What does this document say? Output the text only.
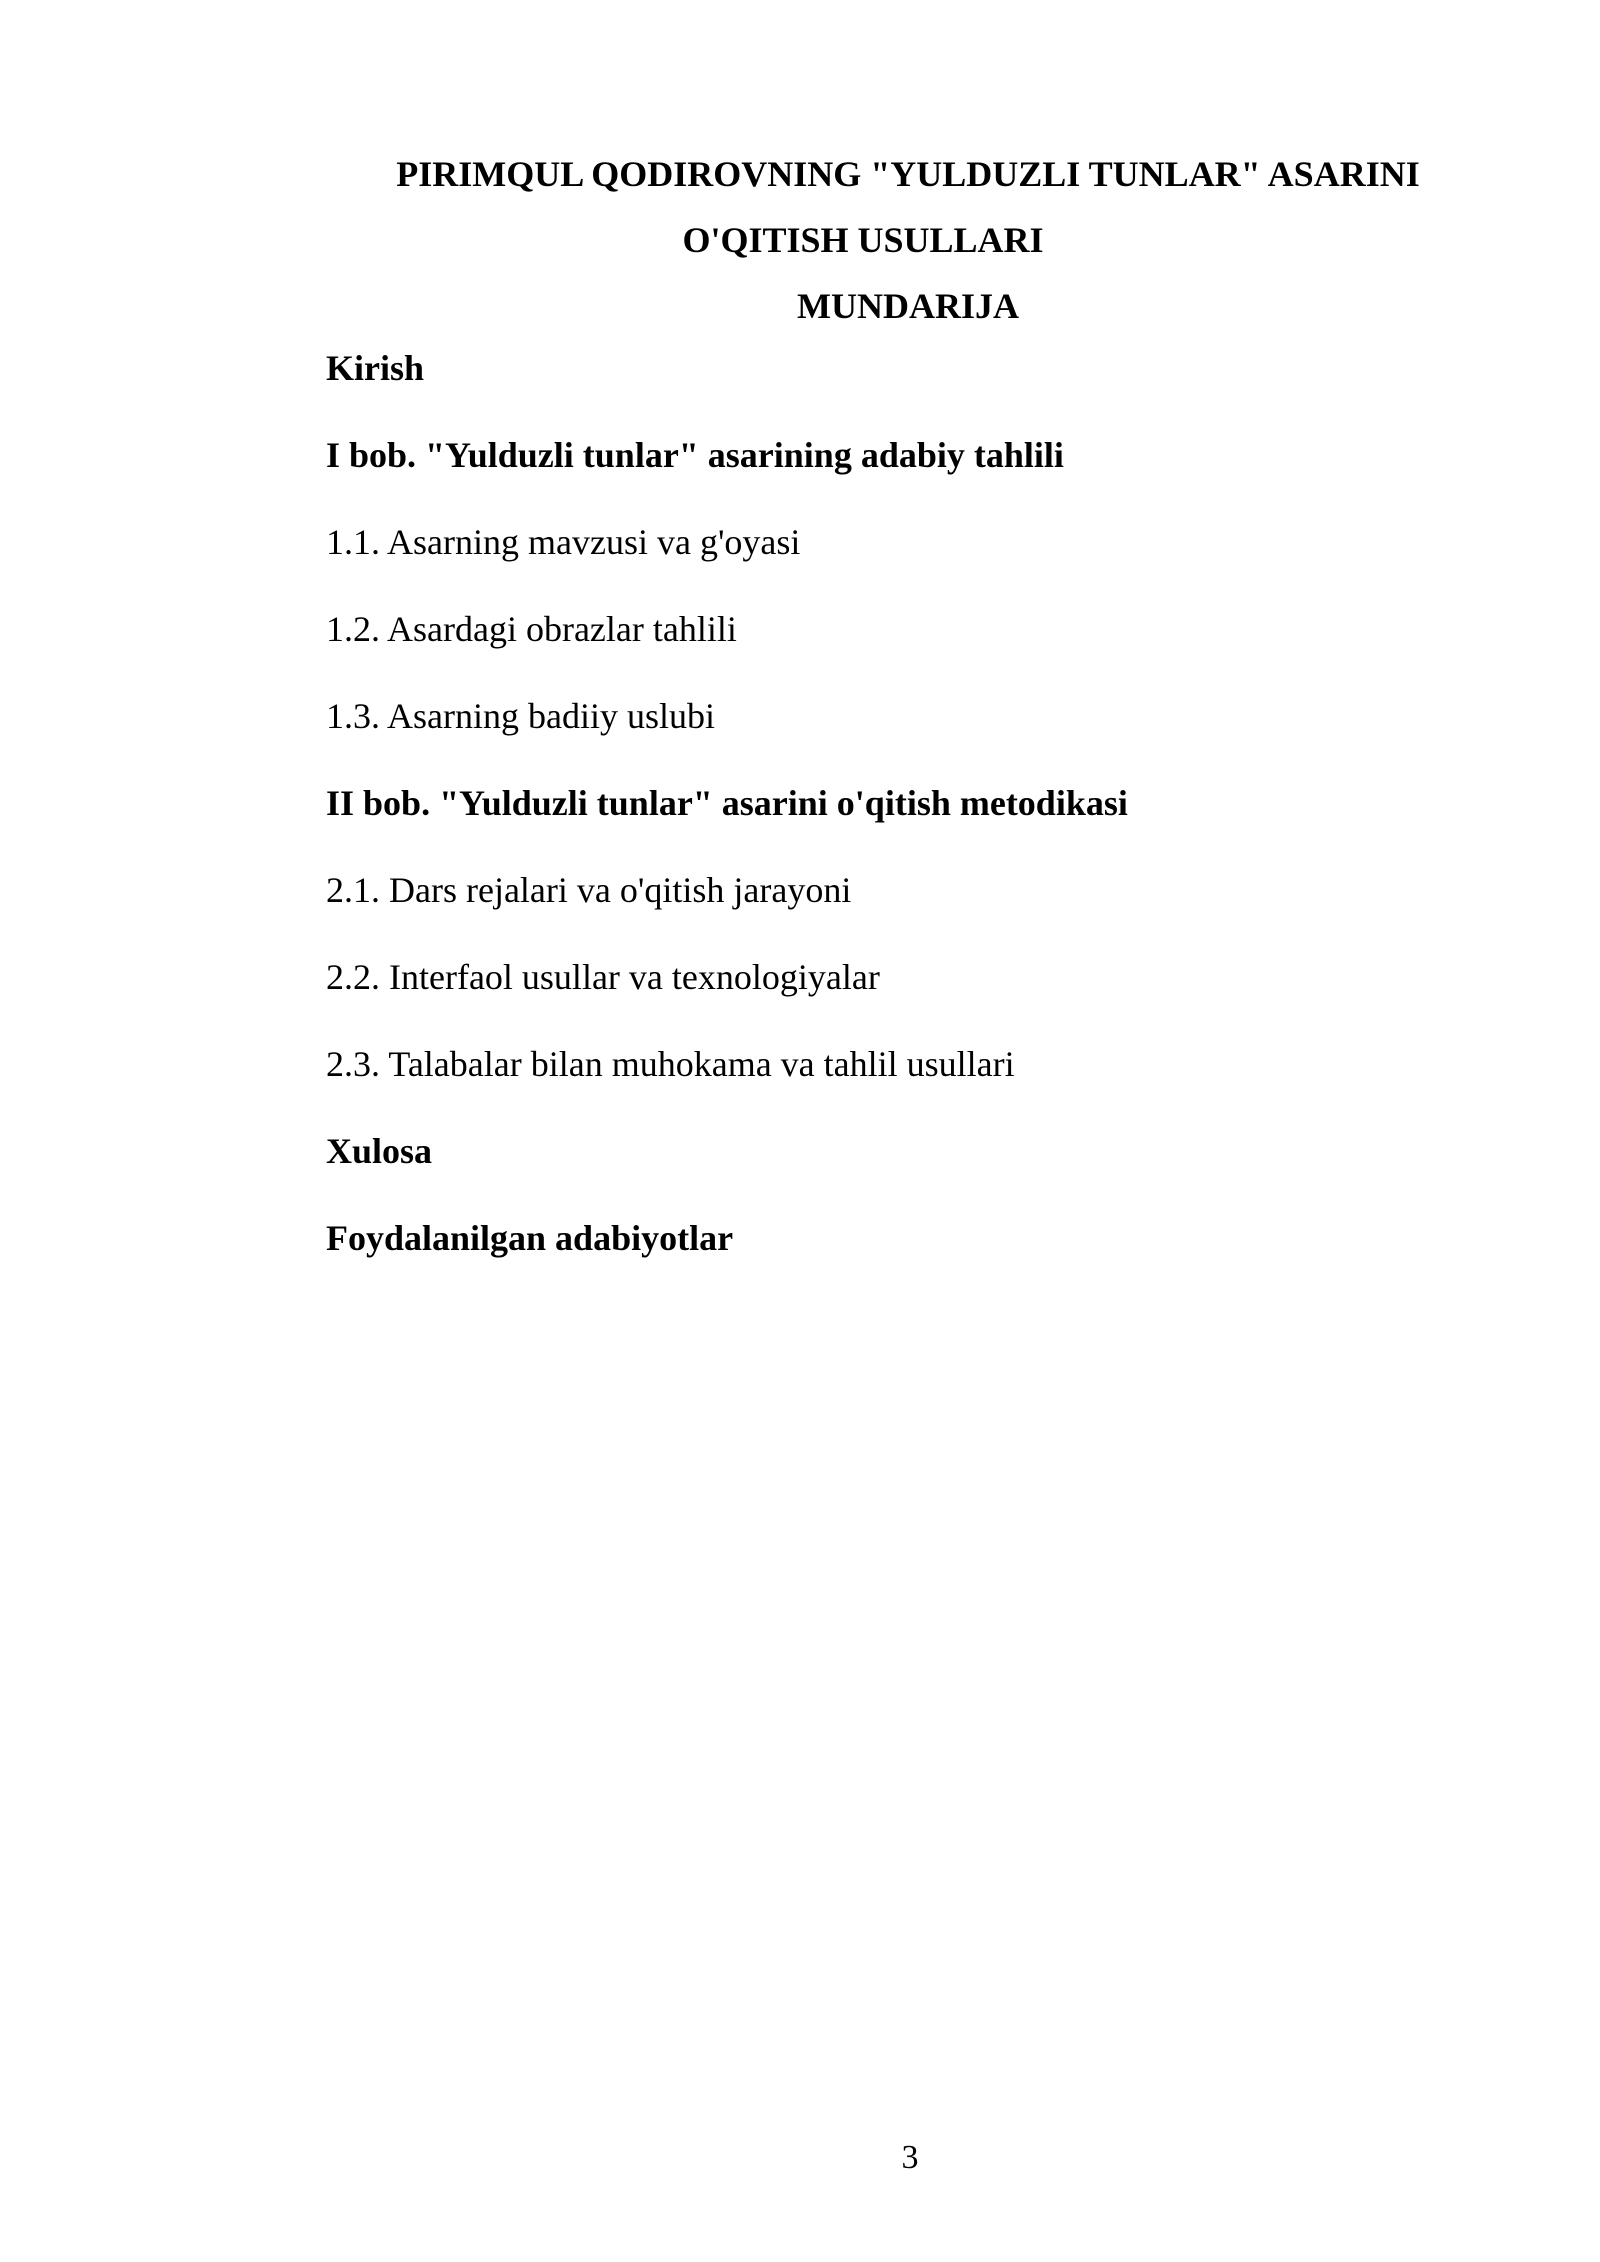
PIRIMQUL QODIROVNING "YULDUZLI TUNLAR" ASARINI
O'QITISH USULLARI
MUNDARIJA
Kirish
I bob. "Yulduzli tunlar" asarining adabiy tahlili
1.1. Asarning mavzusi va g'oyasi
1.2. Asardagi obrazlar tahlili
1.3. Asarning badiiy uslubi
II bob. "Yulduzli tunlar" asarini o'qitish metodikasi
2.1. Dars rejalari va o'qitish jarayoni
2.2. Interfaol usullar va texnologiyalar
2.3. Talabalar bilan muhokama va tahlil usullari
Xulosa
Foydalanilgan adabiyotlar
3
